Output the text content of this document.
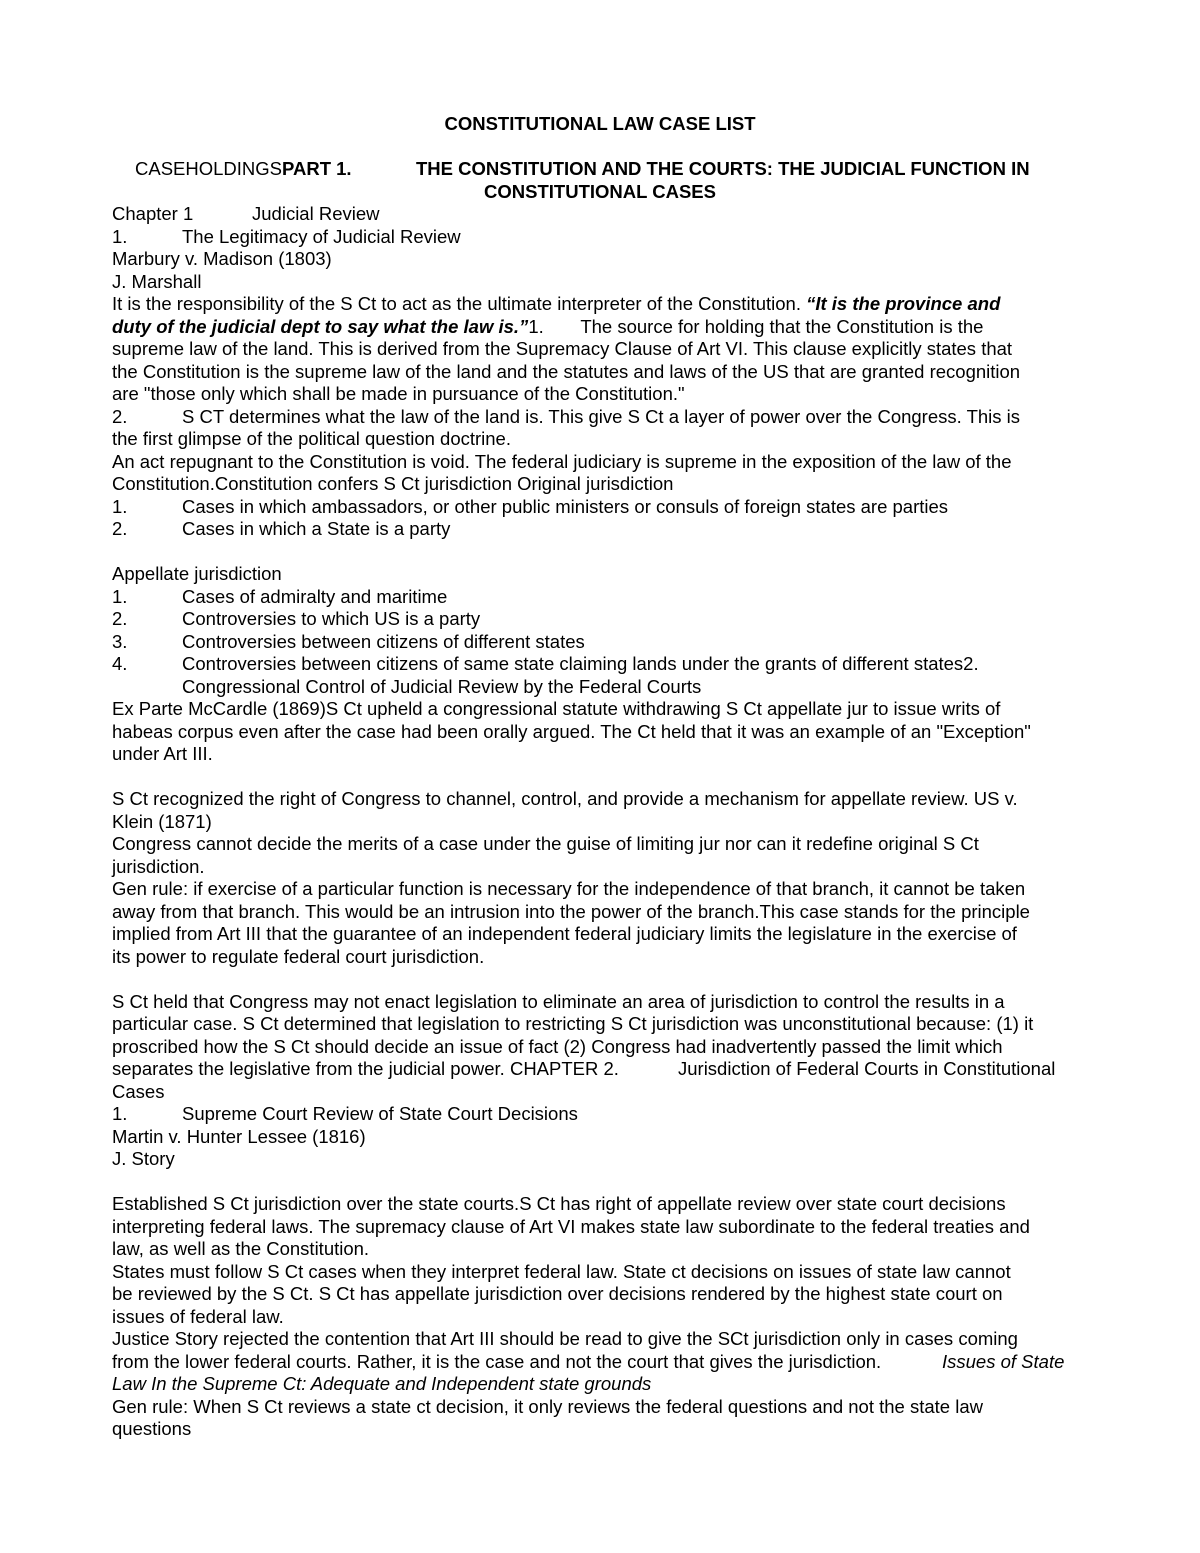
CONSTITUTIONAL LAW CASE LIST
CASEHOLDINGSPART 1.	THE CONSTITUTION AND THE COURTS: THE JUDICIAL FUNCTION IN
CONSTITUTIONAL CASES
Chapter 1	Judicial Review
1.	The Legitimacy of Judicial Review
Marbury v. Madison (1803)
J. Marshall
It is the responsibility of the S Ct to act as the ultimate interpreter of the Constitution. “It is the province and
duty of the judicial dept to say what the law is.”1. The source for holding that the Constitution is the
supreme law of the land. This is derived from the Supremacy Clause of Art VI. This clause explicitly states that
the Constitution is the supreme law of the land and the statutes and laws of the US that are granted recognition
are "those only which shall be made in pursuance of the Constitution."
2.	S CT determines what the law of the land is. This give S Ct a layer of power over the Congress. This is
the first glimpse of the political question doctrine.
An act repugnant to the Constitution is void. The federal judiciary is supreme in the exposition of the law of the
Constitution.Constitution confers S Ct jurisdiction Original jurisdiction
1.	Cases in which ambassadors, or other public ministers or consuls of foreign states are parties
2.	Cases in which a State is a party
Appellate jurisdiction
1.	Cases of admiralty and maritime
2.	Controversies to which US is a party
3.	Controversies between citizens of different states
4.	Controversies between citizens of same state claiming lands under the grants of different states2.
Congressional Control of Judicial Review by the Federal Courts
Ex Parte McCardle (1869)S Ct upheld a congressional statute withdrawing S Ct appellate jur to issue writs of
habeas corpus even after the case had been orally argued. The Ct held that it was an example of an "Exception"
under Art III.
S Ct recognized the right of Congress to channel, control, and provide a mechanism for appellate review. US v.
Klein (1871)
Congress cannot decide the merits of a case under the guise of limiting jur nor can it redefine original S Ct
jurisdiction.
Gen rule: if exercise of a particular function is necessary for the independence of that branch, it cannot be taken
away from that branch. This would be an intrusion into the power of the branch.This case stands for the principle
implied from Art III that the guarantee of an independent federal judiciary limits the legislature in the exercise of
its power to regulate federal court jurisdiction.
S Ct held that Congress may not enact legislation to eliminate an area of jurisdiction to control the results in a
particular case. S Ct determined that legislation to restricting S Ct jurisdiction was unconstitutional because: (1) it
proscribed how the S Ct should decide an issue of fact (2) Congress had inadvertently passed the limit which
separates the legislative from the judicial power. CHAPTER 2.	Jurisdiction of Federal Courts in Constitutional
Cases
1.	Supreme Court Review of State Court Decisions
Martin v. Hunter Lessee (1816)
J. Story
Established S Ct jurisdiction over the state courts.S Ct has right of appellate review over state court decisions
interpreting federal laws. The supremacy clause of Art VI makes state law subordinate to the federal treaties and
law, as well as the Constitution.
States must follow S Ct cases when they interpret federal law. State ct decisions on issues of state law cannot
be reviewed by the S Ct. S Ct has appellate jurisdiction over decisions rendered by the highest state court on
issues of federal law.
Justice Story rejected the contention that Art III should be read to give the SCt jurisdiction only in cases coming
from the lower federal courts. Rather, it is the case and not the court that gives the jurisdiction.	Issues of State
Law In the Supreme Ct: Adequate and Independent state grounds
Gen rule: When S Ct reviews a state ct decision, it only reviews the federal questions and not the state law
questions
